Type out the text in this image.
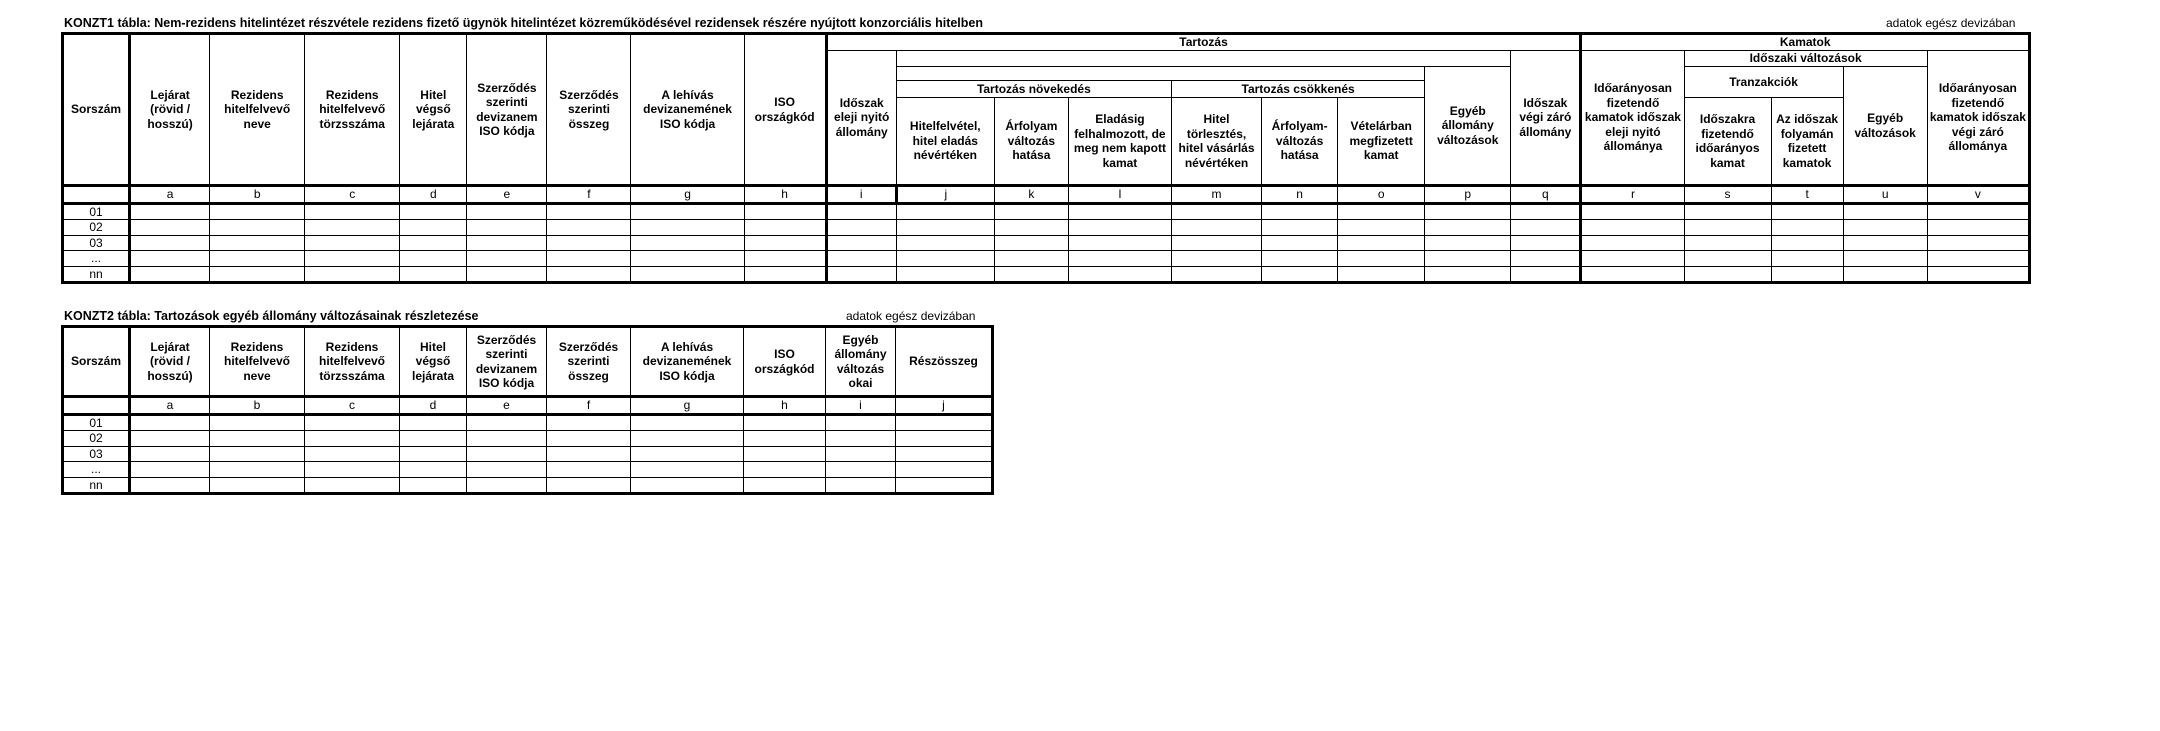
KONZT1 tábla: Nem-rezidens hitelintézet részvétele rezidens fizető ügynök hitelintézet közreműködésével rezidensek részére nyújtott konzorciális hitelben	adatok egész devizában
Sorszám	Lejárat (rövid / hosszú)	Rezidens hitelfelvevő neve	Rezidens hitelfelvevő törzsszáma	Hitel végső lejárata	Szerződés szerinti devizanem ISO kódja	Szerződés szerinti összeg	A lehívás devizanemének ISO kódja	ISO országkód	Tartozás									Kamatok				
									Időszak eleji nyitó állomány								Időszak végi záró állomány	Időarányosan fizetendő kamatok időszak eleji nyitó állománya	Időszaki változások			Időarányosan fizetendő kamatok időszak végi záró állománya
																Egyéb állomány változások			Tranzakciók		Egyéb változások	
										Tartozás növekedés			Tartozás csökkenés									
										Hitelfelvétel, hitel eladás névértéken	Árfolyam változás hatása	Eladásig felhalmozott, de meg nem kapott kamat	Hitel törlesztés, hitel vásárlás névértéken	Árfolyam-változás hatása	Vételárban megfizetett kamat				Időszakra fizetendő időarányos kamat	Az időszak folyamán fizetett kamatok		
	a	b	c	d	e	f	g	h	i	j	k	l	m	n	o	p	q	r	s	t	u	v
01																						
02																						
03																						
...																						
nn																						
KONZT2 tábla: Tartozások egyéb állomány változásainak részletezése	adatok egész devizában
Sorszám	Lejárat (rövid / hosszú)	Rezidens hitelfelvevő neve	Rezidens hitelfelvevő törzsszáma	Hitel végső lejárata	Szerződés szerinti devizanem ISO kódja	Szerződés szerinti összeg	A lehívás devizanemének ISO kódja	ISO országkód	Egyéb állomány változás okai	Részösszeg
	a	b	c	d	e	f	g	h	i	j
01										
02										
03										
...										
nn										
